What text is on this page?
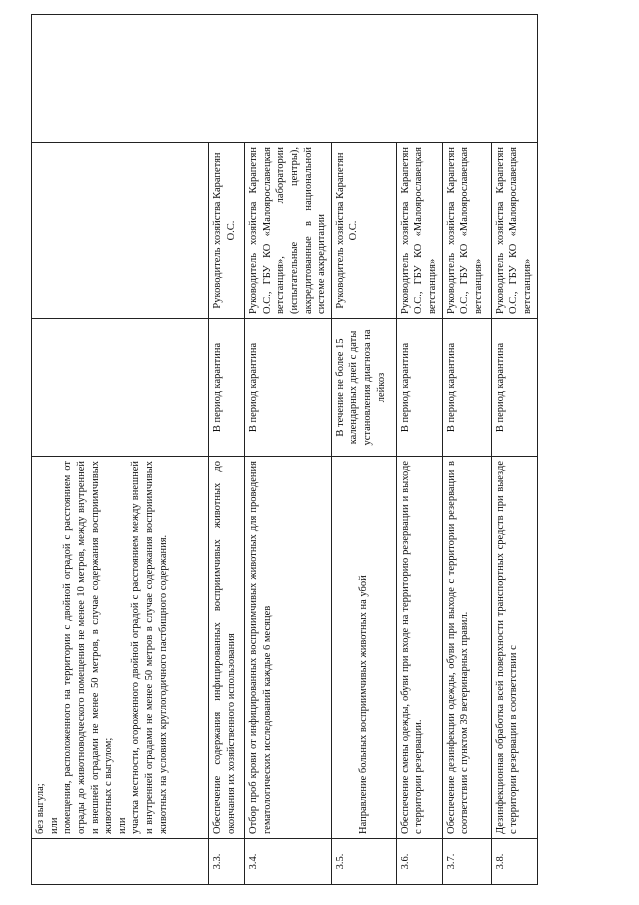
	без выгула; или помещения, расположенного на территории с двойной оградой с расстоянием от ограды до животноводческого помещения не менее 10 метров, между внутренней и внешней оградами не менее 50 метров, в случае содержания восприимчивых животных с выгулом; или участка местности, огороженного двойной оградой с расстоянием между внешней и внутренней оградами не менее 50 метров в случае содержания восприимчивых животных на условиях круглогодичного пастбищного содержания.			

3.3.	Обеспечение содержания инфицированных восприимчивых животных до окончания их хозяйственного использования	В период карантина	Руководитель хозяйства Карапетян О.С.	
3.4.	Отбор проб крови от инфицированных восприимчивых животных для проведения гематологических исследований каждые 6 месяцев	В период карантина	Руководитель хозяйства Карапетян О.С., ГБУ КО «Малоярославецкая ветстанция», лаборатории (испытательные центры), аккредитованные в национальной системе аккредитации	
3.5.	Направление больных восприимчивых животных на убой	В течение не более 15 календарных дней с даты установления диагноза на лейкоз	Руководитель хозяйства Карапетян О.С.	
3.6.	Обеспечение смены одежды, обуви при входе на территорию резервации и выходе с территории резервации.	В период карантина	Руководитель хозяйства Карапетян О.С., ГБУ КО «Малоярославецкая ветстанция»	
3.7.	Обеспечение дезинфекции одежды, обуви при выходе с территории резервации в соответствии с пунктом 39 ветеринарных правил.	В период карантина	Руководитель хозяйства Карапетян О.С., ГБУ КО «Малоярославецкая ветстанция»	
3.8.	Дезинфекционная обработка всей поверхности транспортных средств при выезде с территории резервации в соответствии с	В период карантина	Руководитель хозяйства Карапетян О.С., ГБУ КО «Малоярославецкая ветстанция»	
